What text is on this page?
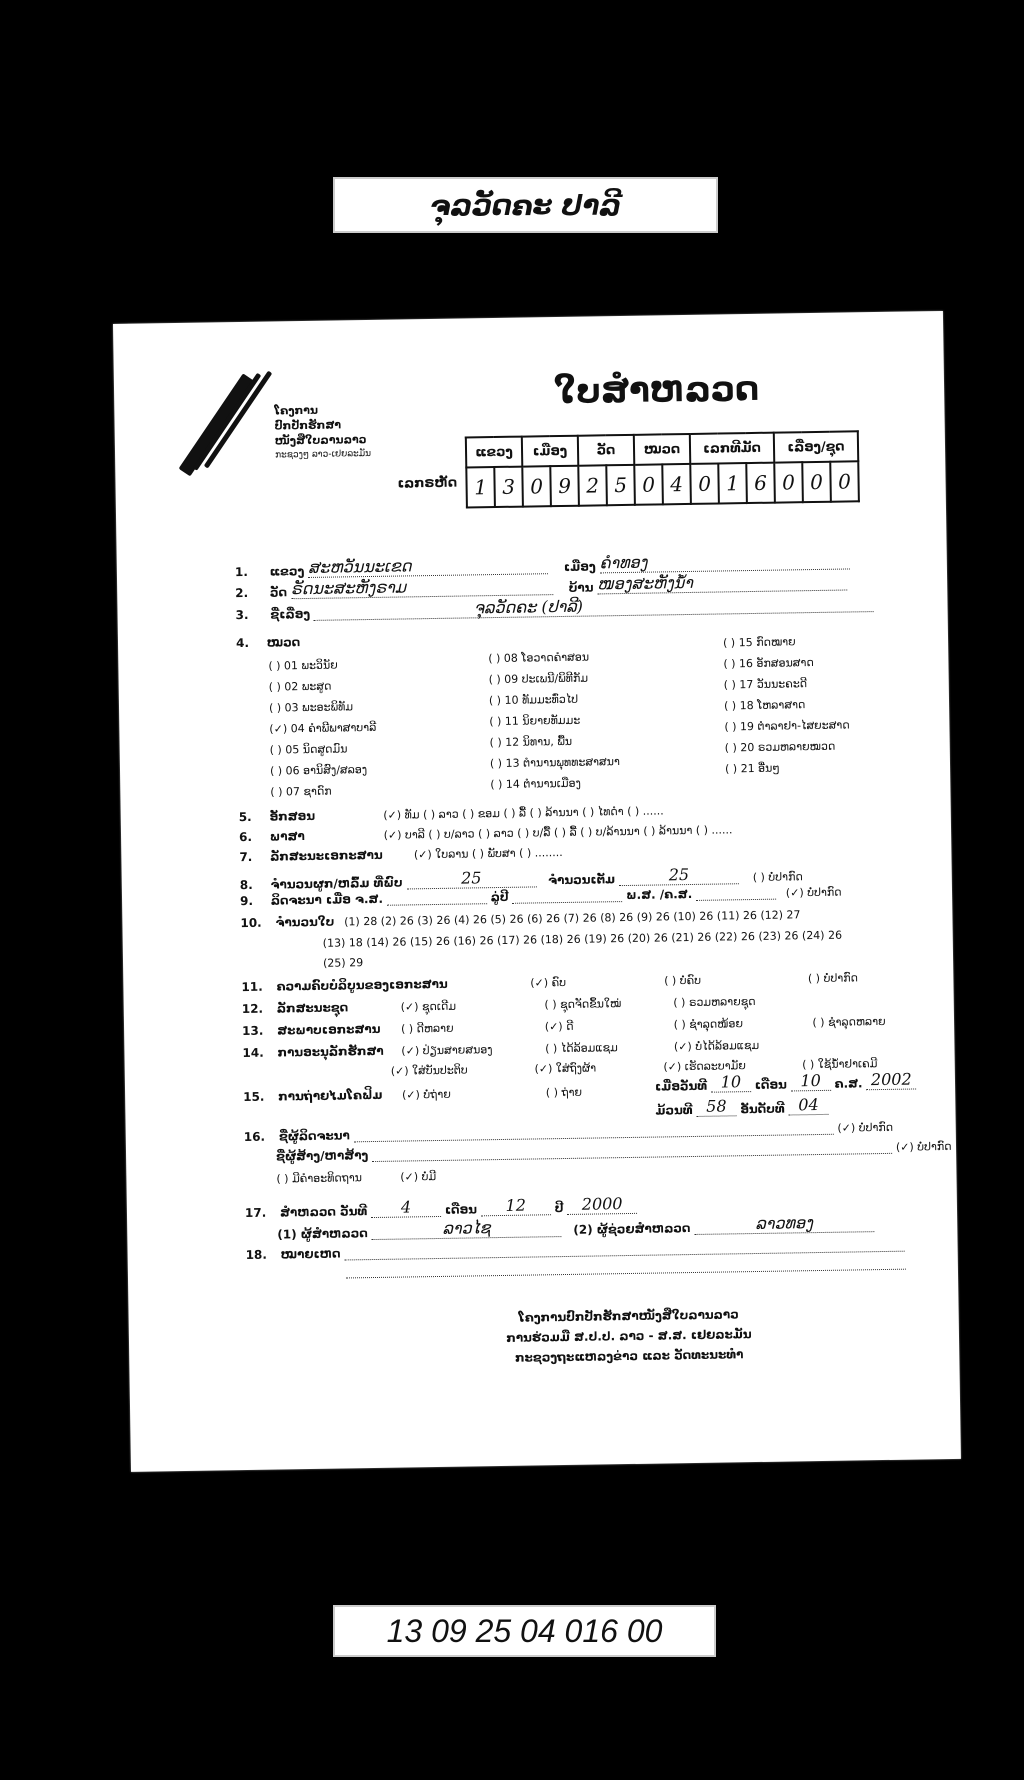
ຈຸລວັດຄະ ປາລີ
ໂຄງການ
ປົກປັກຮັກສາ
ໜັງສືໃບລານລາວ
ກະຊວງໆ ລາວ-ເຢຍລະມັນ
ໃບສໍາຫລວດ
ເລກຣຫັດ
ແຂວງ		ເມືອງ		ວັດ		ໝວດ		ເລກທີມັດ			ເລື່ອງ/ຊຸດ		
1	3	0	9	2	5	0	4	0	1	6	0	0	0
1. ແຂວງ ສະຫວັນນະເຂດ	ເມືອງ ຄຳທອງ
2. ວັດ ຣັດນະສະຫັງຣາມ	ບ້ານ ໜອງສະຫັງນ້ຳ
3. ຊື່ເລື່ອງ	ຈຸລວັດຄະ (ປາລີ)
4. ໝວດ
( ) 01 ພະວິນັຍ
( ) 02 ພະສູດ
( ) 03 ພະອະພິທັມ
(✓) 04 ຄຳພີພາສາບາລີ
( ) 05 ນິດສູດມົນ
( ) 06 ອານິສົງ/ສລອງ
( ) 07 ຊາດົກ
( ) 08 ໂອວາດຄຳສອນ
( ) 09 ປະເພນີ/ພິທີກັມ
( ) 10 ທັມມະທົ່ວໄປ
( ) 11 ນິຍາຍທັມມະ
( ) 12 ນິທານ, ພື້ນ
( ) 13 ຕຳນານພຸທທະສາສນາ
( ) 14 ຕຳນານເມືອງ
( ) 15 ກົດໝາຍ
( ) 16 ອັກສອນສາດ
( ) 17 ວັນນະຄະດີ
( ) 18 ໂຫລາສາດ
( ) 19 ຕຳລາຢາ-ໄສຍະສາດ
( ) 20 ຣວມຫລາຍໝວດ
( ) 21 ອື່ນໆ
5. ອັກສອນ	(✓) ທັມ ( ) ລາວ ( ) ຂອມ ( ) ລື້ ( ) ລ້ານນາ ( ) ໄທດຳ ( ) ......
6. ພາສາ	(✓) ບາລີ ( ) ບ/ລາວ ( ) ລາວ ( ) ບ/ລື້ ( ) ລື້ ( ) ບ/ລ້ານນາ ( ) ລ້ານນາ ( ) ......
7. ລັກສະນະເອກະສານ	(✓) ໃບລານ ( ) ພັບສາ ( ) ........
8. ຈຳນວນຜູກ/ຫລົ້ມ ທີ່ພົບ	25	ຈຳນວນເຕັມ	25	( ) ບໍ່ປາກົດ
9. ລິດຈະນາ ເມື່ອ ຈ.ສ.	ລູ່ປີ	ພ.ສ. /ຄ.ສ.	(✓) ບໍ່ປາກົດ
10. ຈຳນວນໃບ (1) 28 (2) 26 (3) 26 (4) 26 (5) 26 (6) 26 (7) 26 (8) 26 (9) 26 (10) 26 (11) 26 (12) 27
(13) 18 (14) 26 (15) 26 (16) 26 (17) 26 (18) 26 (19) 26 (20) 26 (21) 26 (22) 26 (23) 26 (24) 26
(25) 29
11. ຄວາມຄົບບໍລິບູນຂອງເອກະສານ	(✓) ຄົບ	( ) ບໍ່ຄົບ	( ) ບໍ່ປາກົດ
12. ລັກສະນະຊຸດ	(✓) ຊຸດເດີມ	( ) ຊຸດຈັດຂຶ້ນໃໝ່	( ) ຣວມຫລາຍຊຸດ
13. ສະພາບເອກະສານ ( ) ດີຫລາຍ	(✓) ດີ	( ) ຊຳລຸດໜ້ອຍ	( ) ຊຳລຸດຫລາຍ
14. ການອະນຸລັກຮັກສາ (✓) ປ່ຽນສາຍສນອງ	( ) ໄດ້ລ້ອມແຊມ	(✓) ບໍ່ໄດ້ລ້ອມແຊມ
(✓) ໃສ່ບັນປະຕິບ	(✓) ໃສ່ຖົງຜ້າ	(✓) ເຮັດລະບາມັຍ	( ) ໃຊ້ນ້ຳຢາເຄມີ
15. ການຖ່າຍໄມໂຄຟິມ (✓) ບໍ່ຖ່າຍ	( ) ຖ່າຍ	ເມື່ອວັນທີ 10 ເດືອນ 10 ຄ.ສ. 2002
ມ້ວນທີ 58 ອັນດັບທີ 04
16. ຊື່ຜູ້ລິດຈະນາ  (✓) ບໍ່ປາກົດ
ຊື່ຜູ້ສ້າງ/ຫາສ້າງ  (✓) ບໍ່ປາກົດ
( ) ມີຄຳອະທິດຖານ	(✓) ບໍ່ມີ
17. ສໍາຫລວດ ວັນທີ 4	ເດືອນ 12 ປີ 2000
(1) ຜູ້ສໍາຫລວດ	ລາວໄຊ	(2) ຜູ້ຊ່ວຍສໍາຫລວດ	ລາວທອງ
18. ໝາຍເຫດ
ໂຄງການປົກປັກຮັກສາໜັງສືໃບລານລາວ
ການຮ່ວມມື ສ.ປ.ປ. ລາວ - ສ.ສ. ເຢຍລະມັນ
ກະຊວງຖະແຫລງຂ່າວ ແລະ ວັດທະນະທຳ
13 09 25 04 016 00
